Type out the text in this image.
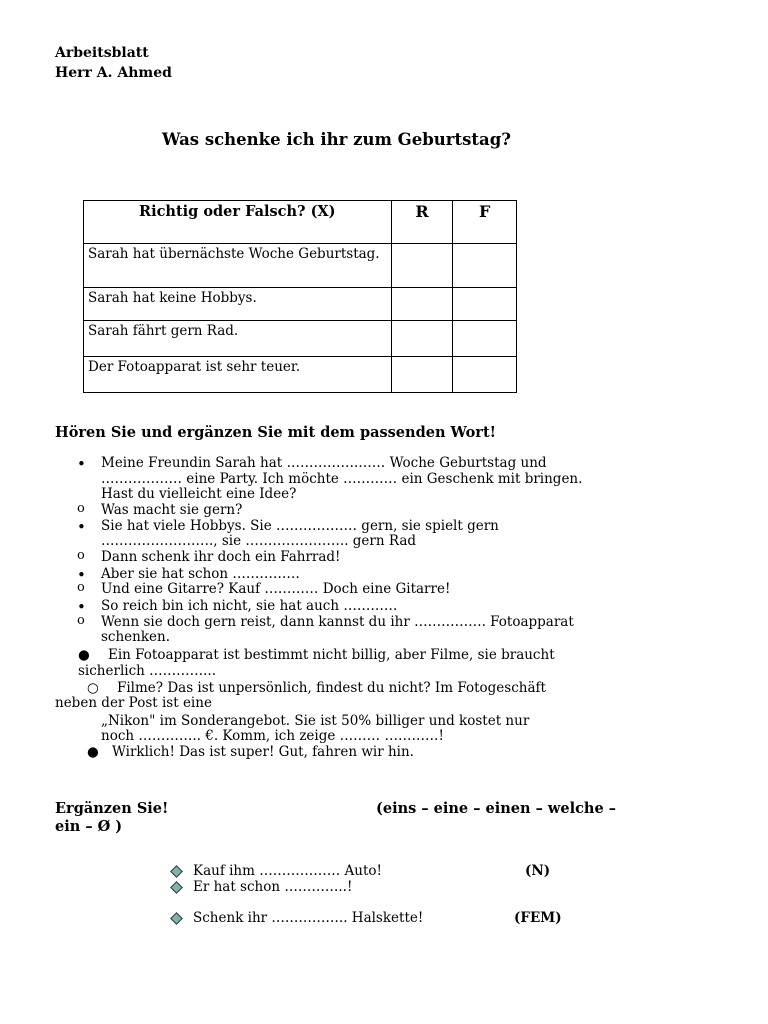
Arbeitsblatt
Herr A. Ahmed
Was schenke ich ihr zum Geburtstag?
Richtig oder Falsch? (X)	R	F
Sarah hat übernächste Woche Geburtstag.		
Sarah hat keine Hobbys.		
Sarah fährt gern Rad.		
Der Fotoapparat ist sehr teuer.		
Hören Sie und ergänzen Sie mit dem passenden Wort!
• Meine Freundin Sarah hat …………….…… Woche Geburtstag und
……………… eine Party. Ich möchte ………… ein Geschenk mit bringen.
Hast du vielleicht eine Idee?
o Was macht sie gern?
• Sie hat viele Hobbys. Sie ……………… gern, sie spielt gern
……………………., sie ………………….. gern Rad
o Dann schenk ihr doch ein Fahrrad!
• Aber sie hat schon ……………
o Und eine Gitarre? Kauf ………… Doch eine Gitarre!
• So reich bin ich nicht, sie hat auch …………
o Wenn sie doch gern reist, dann kannst du ihr ……………. Fotoapparat
schenken.
● Ein Fotoapparat ist bestimmt nicht billig, aber Filme, sie braucht
sicherlich …………...
○ Filme? Das ist unpersönlich, findest du nicht? Im Fotogeschäft
neben der Post ist eine
„Nikon" im Sonderangebot. Sie ist 50% billiger und kostet nur
noch ………….. €. Komm, ich zeige ……… …………!
● Wirklich! Das ist super! Gut, fahren wir hin.
Ergänzen Sie!	(eins – eine – einen – welche –
ein – Ø )
Kauf ihm ……………… Auto!	(N)
Er hat schon …………..!
Schenk ihr …………….. Halskette!	(FEM)
